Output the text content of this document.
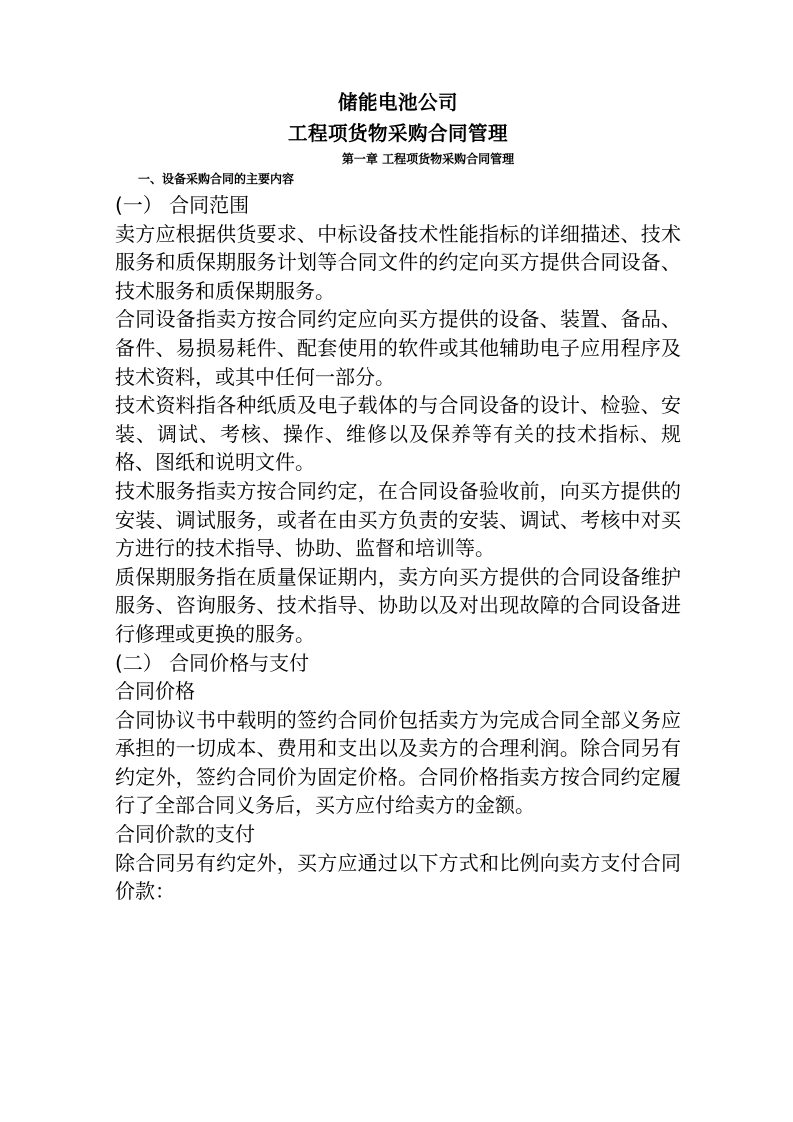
储能电池公司
工程项货物采购合同管理
第一章 工程项货物采购合同管理
一、设备采购合同的主要内容

(一） 合同范围

卖方应根据供货要求、中标设备技术性能指标的详细描述、技术服务和质保期服务计划等合同文件的约定向买方提供合同设备、技术服务和质保期服务。

合同设备指卖方按合同约定应向买方提供的设备、装置、备品、备件、易损易耗件、配套使用的软件或其他辅助电子应用程序及技术资料，或其中任何一部分。

技术资料指各种纸质及电子载体的与合同设备的设计、检验、安装、调试、考核、操作、维修以及保养等有关的技术指标、规格、图纸和说明文件。

技术服务指卖方按合同约定，在合同设备验收前，向买方提供的安装、调试服务，或者在由买方负责的安装、调试、考核中对买方进行的技术指导、协助、监督和培训等。

质保期服务指在质量保证期内，卖方向买方提供的合同设备维护服务、咨询服务、技术指导、协助以及对出现故障的合同设备进行修理或更换的服务。

(二） 合同价格与支付

合同价格

合同协议书中载明的签约合同价包括卖方为完成合同全部义务应承担的一切成本、费用和支出以及卖方的合理利润。除合同另有约定外，签约合同价为固定价格。合同价格指卖方按合同约定履行了全部合同义务后，买方应付给卖方的金额。

合同价款的支付

除合同另有约定外，买方应通过以下方式和比例向卖方支付合同价款：
